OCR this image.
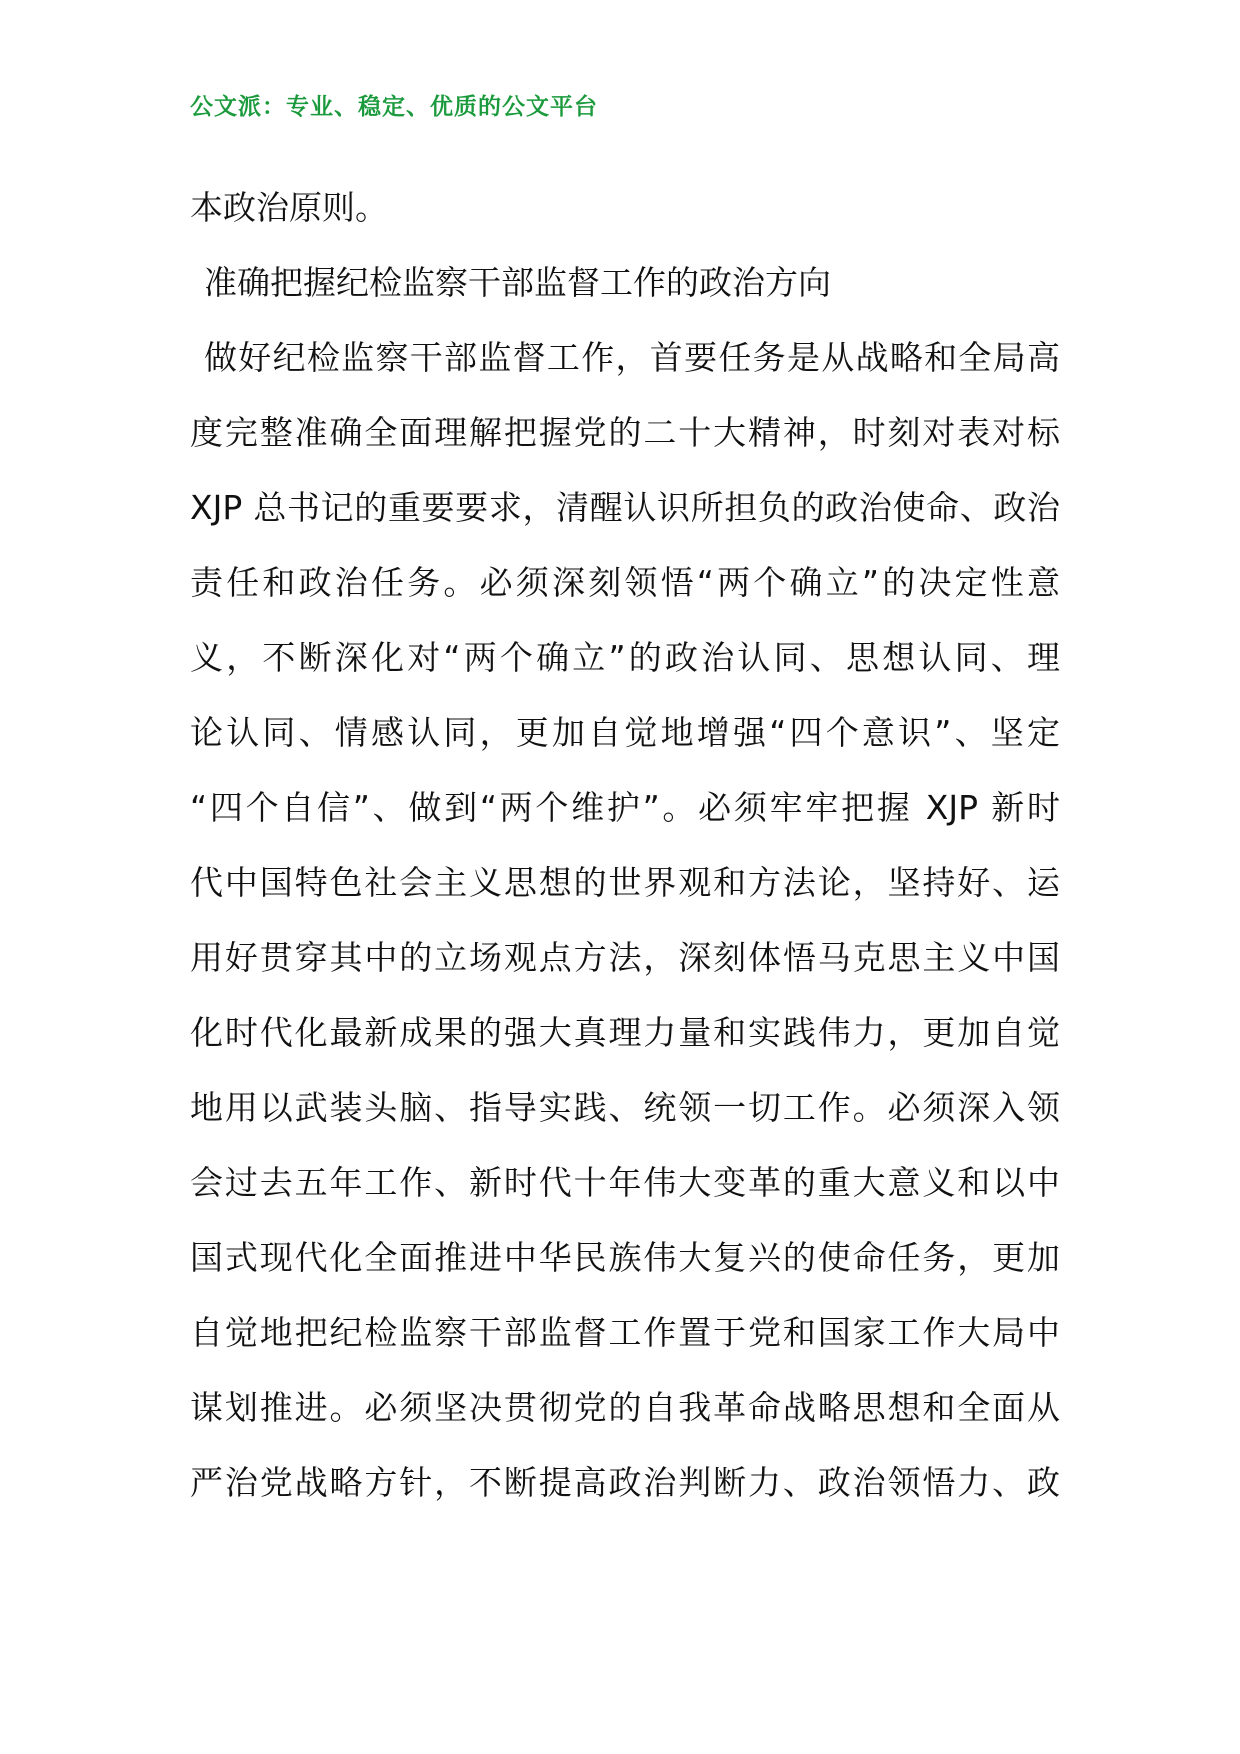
公文派：专业、稳定、优质的公文平台
本政治原则。
准确把握纪检监察干部监督工作的政治方向
做好纪检监察干部监督工作，首要任务是从战略和全局高
度完整准确全面理解把握党的二十大精神，时刻对表对标
XJP 总书记的重要要求，清醒认识所担负的政治使命、政治
责任和政治任务。必须深刻领悟“两个确立”的决定性意
义，不断深化对“两个确立”的政治认同、思想认同、理
论认同、情感认同，更加自觉地增强“四个意识”、坚定
“四个自信”、做到“两个维护”。必须牢牢把握 XJP 新时
代中国特色社会主义思想的世界观和方法论，坚持好、运
用好贯穿其中的立场观点方法，深刻体悟马克思主义中国
化时代化最新成果的强大真理力量和实践伟力，更加自觉
地用以武装头脑、指导实践、统领一切工作。必须深入领
会过去五年工作、新时代十年伟大变革的重大意义和以中
国式现代化全面推进中华民族伟大复兴的使命任务，更加
自觉地把纪检监察干部监督工作置于党和国家工作大局中
谋划推进。必须坚决贯彻党的自我革命战略思想和全面从
严治党战略方针，不断提高政治判断力、政治领悟力、政
